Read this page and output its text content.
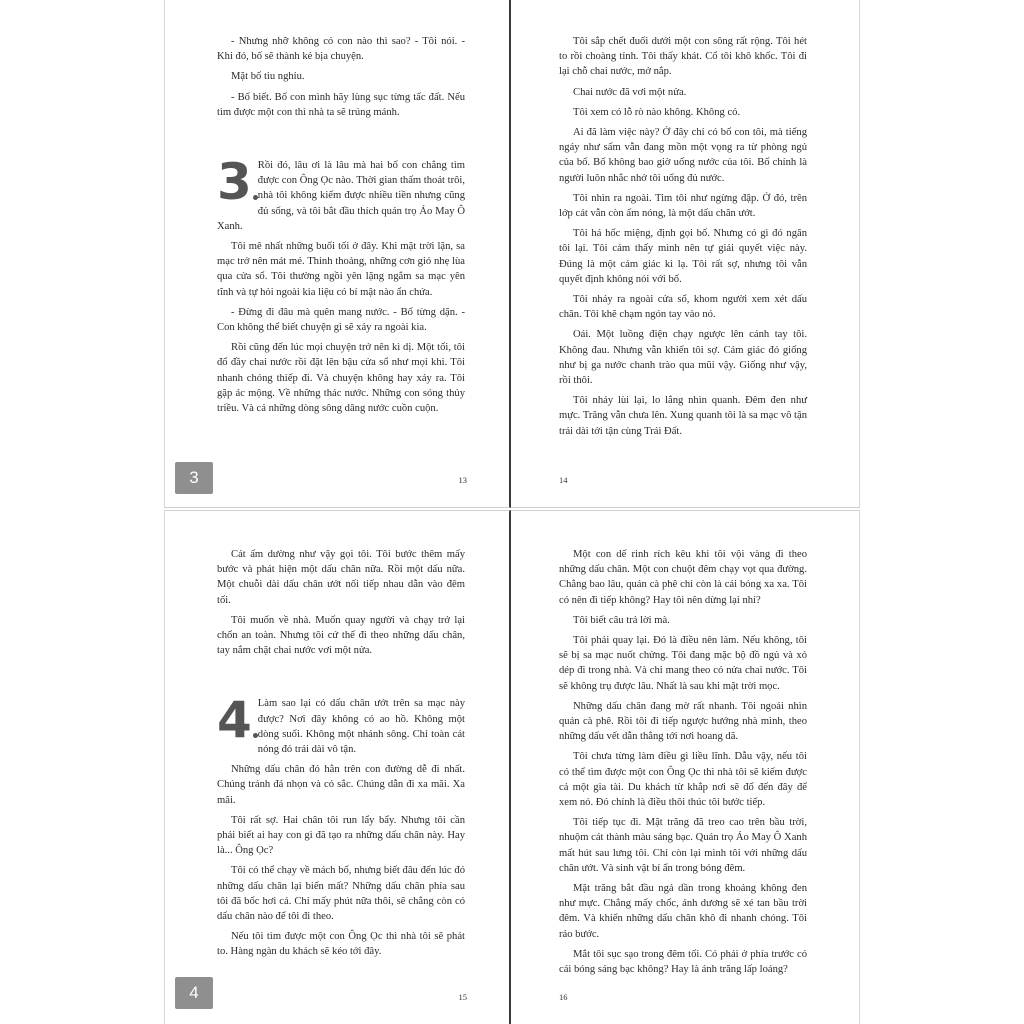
- Nhưng nhỡ không có con nào thì sao? - Tôi nói. - Khi đó, bố sẽ thành kẻ bịa chuyện.

Mặt bố tiu nghỉu.

- Bố biết. Bố con mình hãy lùng sục từng tấc đất. Nếu tìm được một con thì nhà ta sẽ trúng mánh.

3 Rồi đó, lâu ơi là lâu mà hai bố con chẳng tìm được con Ông Ọc nào. Thời gian thấm thoát trôi, nhà tôi không kiếm được nhiều tiền nhưng cũng đủ sống, và tôi bắt đầu thích quán trọ Áo May Ô Xanh.

Tôi mê nhất những buổi tối ở đây. Khi mặt trời lặn, sa mạc trở nên mát mẻ. Thỉnh thoảng, những cơn gió nhẹ lùa qua cửa sổ. Tôi thường ngồi yên lặng ngắm sa mạc yên tĩnh và tự hỏi ngoài kia liệu có bí mật nào ẩn chứa.

- Đừng đi đâu mà quên mang nước. - Bố từng dặn. - Con không thể biết chuyện gì sẽ xảy ra ngoài kia.

Rồi cũng đến lúc mọi chuyện trở nên kì dị. Một tối, tôi đổ đầy chai nước rồi đặt lên bậu cửa sổ như mọi khi. Tôi nhanh chóng thiếp đi. Và chuyện không hay xảy ra. Tôi gặp ác mộng. Về những thác nước. Những con sóng thủy triều. Và cả những dòng sông dâng nước cuồn cuộn.

13
3

Tôi sắp chết đuối dưới một con sông rất rộng. Tôi hét to rồi choàng tỉnh. Tôi thấy khát. Cổ tôi khô khốc. Tôi đi lại chỗ chai nước, mở nắp.

Chai nước đã vơi một nửa.

Tôi xem có lỗ rò nào không. Không có.

Ai đã làm việc này? Ở đây chỉ có bố con tôi, mà tiếng ngáy như sấm vẫn đang mồn một vọng ra từ phòng ngủ của bố. Bố không bao giờ uống nước của tôi. Bố chính là người luôn nhắc nhở tôi uống đủ nước.

Tôi nhìn ra ngoài. Tim tôi như ngừng đập. Ở đó, trên lớp cát vẫn còn ấm nóng, là một dấu chân ướt.

Tôi há hốc miệng, định gọi bố. Nhưng có gì đó ngăn tôi lại. Tôi cảm thấy mình nên tự giải quyết việc này. Đúng là một cảm giác kì lạ. Tôi rất sợ, nhưng tôi vẫn quyết định không nói với bố.

Tôi nhảy ra ngoài cửa sổ, khom người xem xét dấu chân. Tôi khẽ chạm ngón tay vào nó.

Oái. Một luồng điện chạy ngược lên cánh tay tôi. Không đau. Nhưng vẫn khiến tôi sợ. Cảm giác đó giống như bị ga nước chanh trào qua mũi vậy. Giống như vậy, rồi thôi.

Tôi nhảy lùi lại, lo lắng nhìn quanh. Đêm đen như mực. Trăng vẫn chưa lên. Xung quanh tôi là sa mạc vô tận trải dài tới tận cùng Trái Đất.

14

Cát ấm dường như vậy gọi tôi. Tôi bước thêm mấy bước và phát hiện một dấu chân nữa. Rồi một dấu nữa. Một chuỗi dài dấu chân ướt nối tiếp nhau dẫn vào đêm tối.

Tôi muốn về nhà. Muốn quay người và chạy trở lại chốn an toàn. Nhưng tôi cứ thế đi theo những dấu chân, tay nắm chặt chai nước vơi một nửa.

4 Làm sao lại có dấu chân ướt trên sa mạc này được? Nơi đây không có ao hồ. Không một dòng suối. Không một nhánh sông. Chỉ toàn cát nóng đỏ trải dài vô tận.

Những dấu chân đó hằn trên con đường dễ đi nhất. Chúng tránh đá nhọn và cỏ sắc. Chúng dẫn đi xa mãi. Xa mãi.

Tôi rất sợ. Hai chân tôi run lẩy bẩy. Nhưng tôi cần phải biết ai hay con gì đã tạo ra những dấu chân này. Hay là... Ông Ọc?

Tôi có thể chạy về mách bố, nhưng biết đâu đến lúc đó những dấu chân lại biến mất? Những dấu chân phía sau tôi đã bốc hơi cả. Chỉ mấy phút nữa thôi, sẽ chẳng còn có dấu chân nào để tôi đi theo.

Nếu tôi tìm được một con Ông Ọc thì nhà tôi sẽ phát to. Hàng ngàn du khách sẽ kéo tới đây.

15
4

Một con dế rinh rích kêu khi tôi vội vàng đi theo những dấu chân. Một con chuột đêm chạy vọt qua đường. Chẳng bao lâu, quán cà phê chỉ còn là cái bóng xa xa. Tôi có nên đi tiếp không? Hay tôi nên dừng lại nhỉ?

Tôi biết câu trả lời mà.

Tôi phải quay lại. Đó là điều nên làm. Nếu không, tôi sẽ bị sa mạc nuốt chửng. Tôi đang mặc bộ đồ ngủ và xỏ dép đi trong nhà. Và chỉ mang theo có nửa chai nước. Tôi sẽ không trụ được lâu. Nhất là sau khi mặt trời mọc.

Những dấu chân đang mờ rất nhanh. Tôi ngoái nhìn quán cà phê. Rồi tôi đi tiếp ngược hướng nhà mình, theo những dấu vết dẫn thẳng tới nơi hoang dã.

Tôi chưa từng làm điều gì liều lĩnh. Dẫu vậy, nếu tôi có thể tìm được một con Ông Ọc thì nhà tôi sẽ kiếm được cả một gia tài. Du khách từ khắp nơi sẽ đổ đến đây để xem nó. Đó chính là điều thôi thúc tôi bước tiếp.

Tôi tiếp tục đi. Mặt trăng đã treo cao trên bầu trời, nhuộm cát thành màu sáng bạc. Quán trọ Áo May Ô Xanh mất hút sau lưng tôi. Chỉ còn lại mình tôi với những dấu chân ướt. Và sinh vật bí ẩn trong bóng đêm.

Mặt trăng bắt đầu ngả dần trong khoảng không đen như mực. Chẳng mấy chốc, ánh dương sẽ xé tan bầu trời đêm. Và khiến những dấu chân khô đi nhanh chóng. Tôi rảo bước.

Mắt tôi sục sạo trong đêm tối. Có phải ở phía trước có cái bóng sáng bạc không? Hay là ánh trăng lấp loáng?

16
